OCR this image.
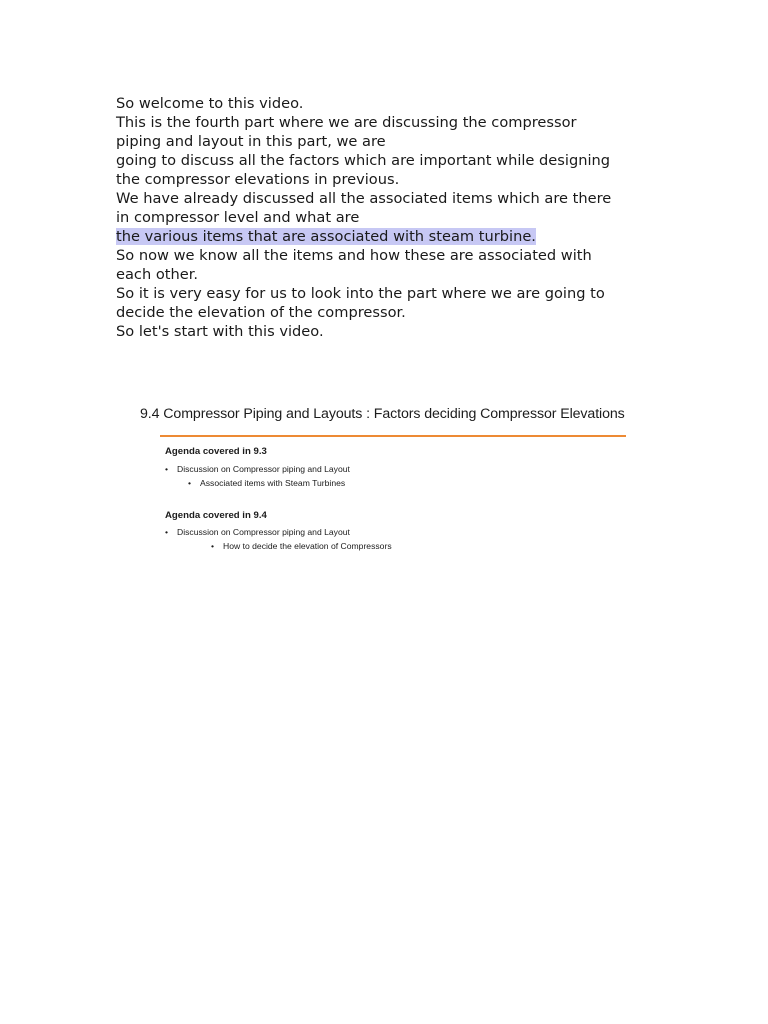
So welcome to this video.

This is the fourth part where we are discussing the compressor

piping and layout in this part, we are

going to discuss all the factors which are important while designing

the compressor elevations in previous.

We have already discussed all the associated items which are there

in compressor level and what are

the various items that are associated with steam turbine.

So now we know all the items and how these are associated with

each other.

So it is very easy for us to look into the part where we are going to

decide the elevation of the compressor.

So let's start with this video.

9.4 Compressor Piping and Layouts : Factors deciding Compressor Elevations
Agenda covered in 9.3
• Discussion on Compressor piping and Layout
• Associated items with Steam Turbines
Agenda covered in 9.4
• Discussion on Compressor piping and Layout
• How to decide the elevation of Compressors
